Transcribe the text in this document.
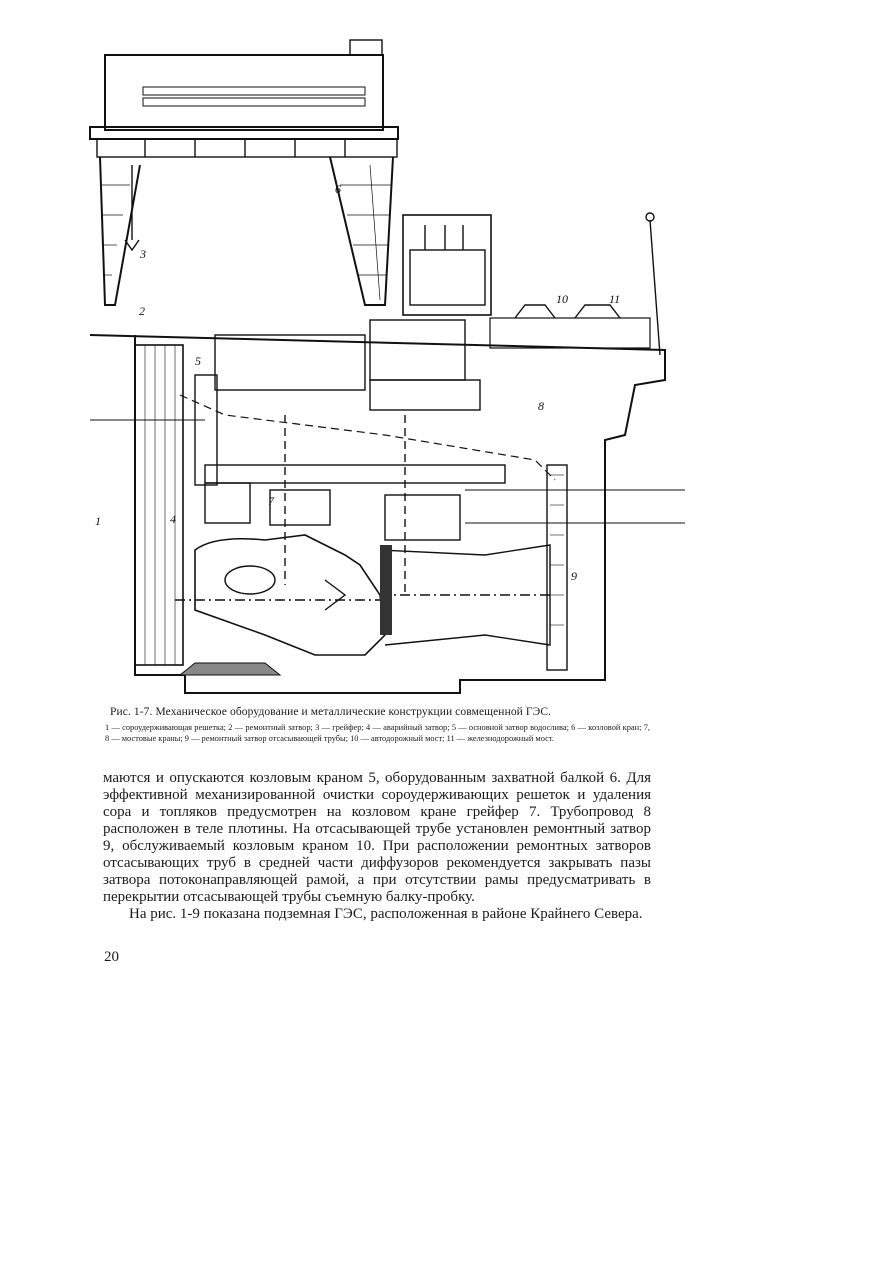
1
2
3
4
5
6
7
8
9
10	11
Рис. 1-7. Механическое оборудование и металлические конструкции совмещенной ГЭС.
1 — сороудерживающая решетка; 2 — ремонтный затвор; 3 — грейфер; 4 — аварийный затвор; 5 — основной затвор водослива; 6 — козловой кран; 7, 8 — мостовые краны; 9 — ремонтный затвор отсасывающей трубы; 10 — автодорожный мост; 11 — железнодорожный мост.

маются и опускаются козловым краном 5, оборудованным захватной балкой 6. Для эффективной механизированной очистки сороудерживающих решеток и удаления сора и топляков предусмотрен на козловом кране грейфер 7. Трубопровод 8 расположен в теле плотины. На отсасывающей трубе установлен ремонтный затвор 9, обслуживаемый козловым краном 10. При расположении ремонтных затворов отсасывающих труб в средней части диффузоров рекомендуется закрывать пазы затвора потоконаправляющей рамой, а при отсутствии рамы предусматривать в перекрытии отсасывающей трубы съемную балку-пробку.

На рис. 1-9 показана подземная ГЭС, расположенная в районе Крайнего Севера.

20
